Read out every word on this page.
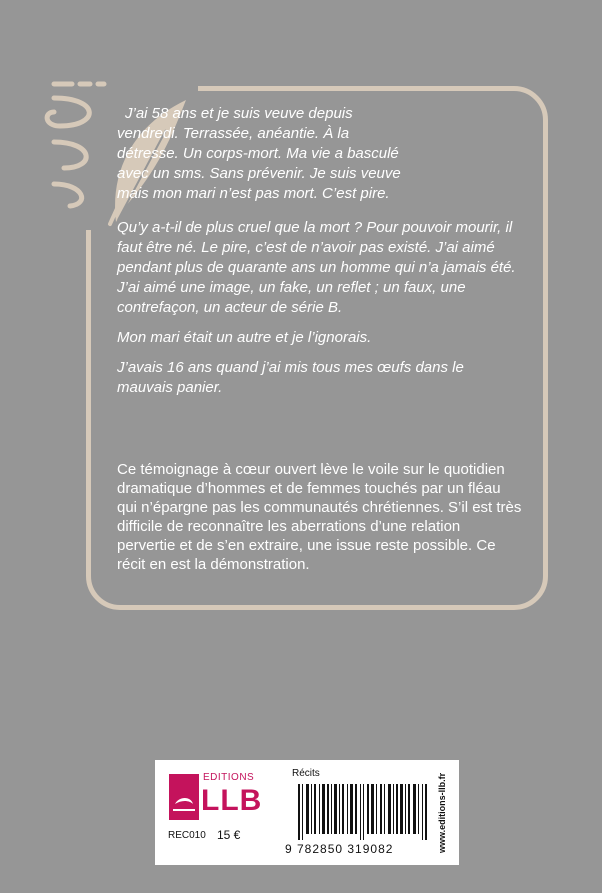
J’ai 58 ans et je suis veuve depuis
vendredi. Terrassée, anéantie. À la
détresse. Un corps-mort. Ma vie a basculé
avec un sms. Sans prévenir. Je suis veuve
mais mon mari n’est pas mort. C’est pire.

Qu’y a-t-il de plus cruel que la mort ? Pour pouvoir mourir, il faut être né. Le pire, c’est de n’avoir pas existé. J’ai aimé pendant plus de quarante ans un homme qui n’a jamais été. J’ai aimé une image, un fake, un reflet ; un faux, une contrefaçon, un acteur de série B.

Mon mari était un autre et je l’ignorais.

J’avais 16 ans quand j’ai mis tous mes œufs dans le mauvais panier.

Ce témoignage à cœur ouvert lève le voile sur le quotidien dramatique d’hommes et de femmes touchés par un fléau qui n’épargne pas les communautés chrétiennes. S’il est très difficile de reconnaître les aberrations d’une relation pervertie et de s’en extraire, une issue reste possible. Ce récit en est la démonstration.
EDITIONS
LLB
Récits
REC010 15 €
9 782850 319082	www.editions-llb.fr
